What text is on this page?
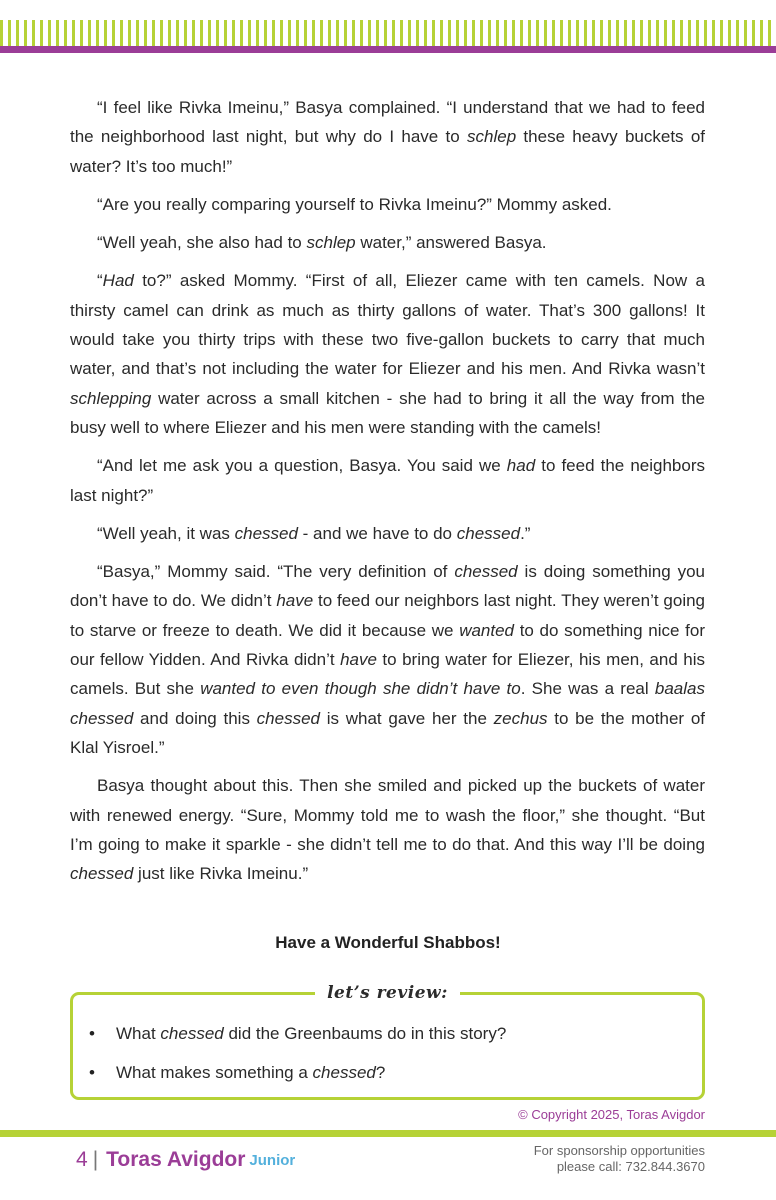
“I feel like Rivka Imeinu,” Basya complained. “I understand that we had to feed the neighborhood last night, but why do I have to schlep these heavy buckets of water? It’s too much!”

“Are you really comparing yourself to Rivka Imeinu?” Mommy asked.

“Well yeah, she also had to schlep water,” answered Basya.

“Had to?” asked Mommy. “First of all, Eliezer came with ten camels. Now a thirsty camel can drink as much as thirty gallons of water. That’s 300 gallons! It would take you thirty trips with these two five-gallon buckets to carry that much water, and that’s not including the water for Eliezer and his men. And Rivka wasn’t schlepping water across a small kitchen - she had to bring it all the way from the busy well to where Eliezer and his men were standing with the camels!

“And let me ask you a question, Basya. You said we had to feed the neighbors last night?”

“Well yeah, it was chessed - and we have to do chessed.”

“Basya,” Mommy said. “The very definition of chessed is doing something you don’t have to do. We didn’t have to feed our neighbors last night. They weren’t going to starve or freeze to death. We did it because we wanted to do something nice for our fellow Yidden. And Rivka didn’t have to bring water for Eliezer, his men, and his camels. But she wanted to even though she didn’t have to. She was a real baalas chessed and doing this chessed is what gave her the zechus to be the mother of Klal Yisroel.”

Basya thought about this. Then she smiled and picked up the buckets of water with renewed energy. “Sure, Mommy told me to wash the floor,” she thought. “But I’m going to make it sparkle - she didn’t tell me to do that. And this way I’ll be doing chessed just like Rivka Imeinu.”

Have a Wonderful Shabbos!
let’s review:
• What chessed did the Greenbaums do in this story?
• What makes something a chessed?
© Copyright 2025, Toras Avigdor
4 | Toras Avigdor Junior
For sponsorship opportunities
please call: 732.844.3670
